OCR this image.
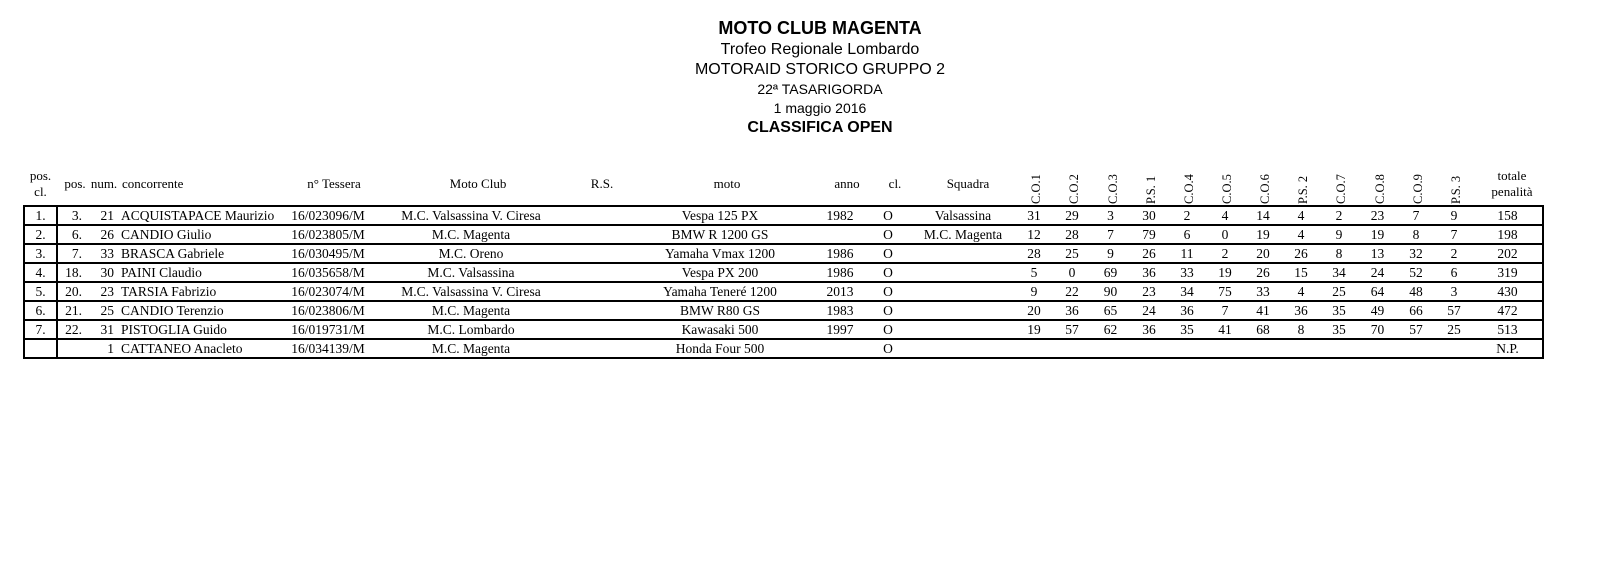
MOTO CLUB MAGENTA
Trofeo Regionale Lombardo
MOTORAID STORICO GRUPPO 2
22ª TASARIGORDA
1 maggio 2016
CLASSIFICA OPEN
pos.
cl.
pos. num. concorrente	n° Tessera	Moto Club	R.S.	moto	anno	cl.	Squadra	C.O.1 C.O.2 C.O.3 P.S. 1 C.O.4 C.O.5 C.O.6 P.S. 2 C.O.7 C.O.8 C.O.9 P.S. 3
totale
penalità
1.	3.	21	ACQUISTAPACE Maurizio	16/023096/M	M.C. Valsassina V. Ciresa		Vespa 125 PX	1982	O	Valsassina	31	29	3	30	2	4	14	4	2	23	7	9	158
2.	6.	26	CANDIO Giulio	16/023805/M	M.C. Magenta		BMW R 1200 GS		O	M.C. Magenta	12	28	7	79	6	0	19	4	9	19	8	7	198
3.	7.	33	BRASCA Gabriele	16/030495/M	M.C. Oreno		Yamaha Vmax 1200	1986	O		28	25	9	26	11	2	20	26	8	13	32	2	202
4.	18.	30	PAINI Claudio	16/035658/M	M.C. Valsassina		Vespa PX 200	1986	O		5	0	69	36	33	19	26	15	34	24	52	6	319
5.	20.	23	TARSIA Fabrizio	16/023074/M	M.C. Valsassina V. Ciresa		Yamaha Teneré 1200	2013	O		9	22	90	23	34	75	33	4	25	64	48	3	430
6.	21.	25	CANDIO Terenzio	16/023806/M	M.C. Magenta		BMW R80 GS	1983	O		20	36	65	24	36	7	41	36	35	49	66	57	472
7.	22.	31	PISTOGLIA Guido	16/019731/M	M.C. Lombardo		Kawasaki 500	1997	O		19	57	62	36	35	41	68	8	35	70	57	25	513
		1	CATTANEO Anacleto	16/034139/M	M.C. Magenta		Honda Four 500		O														N.P.
